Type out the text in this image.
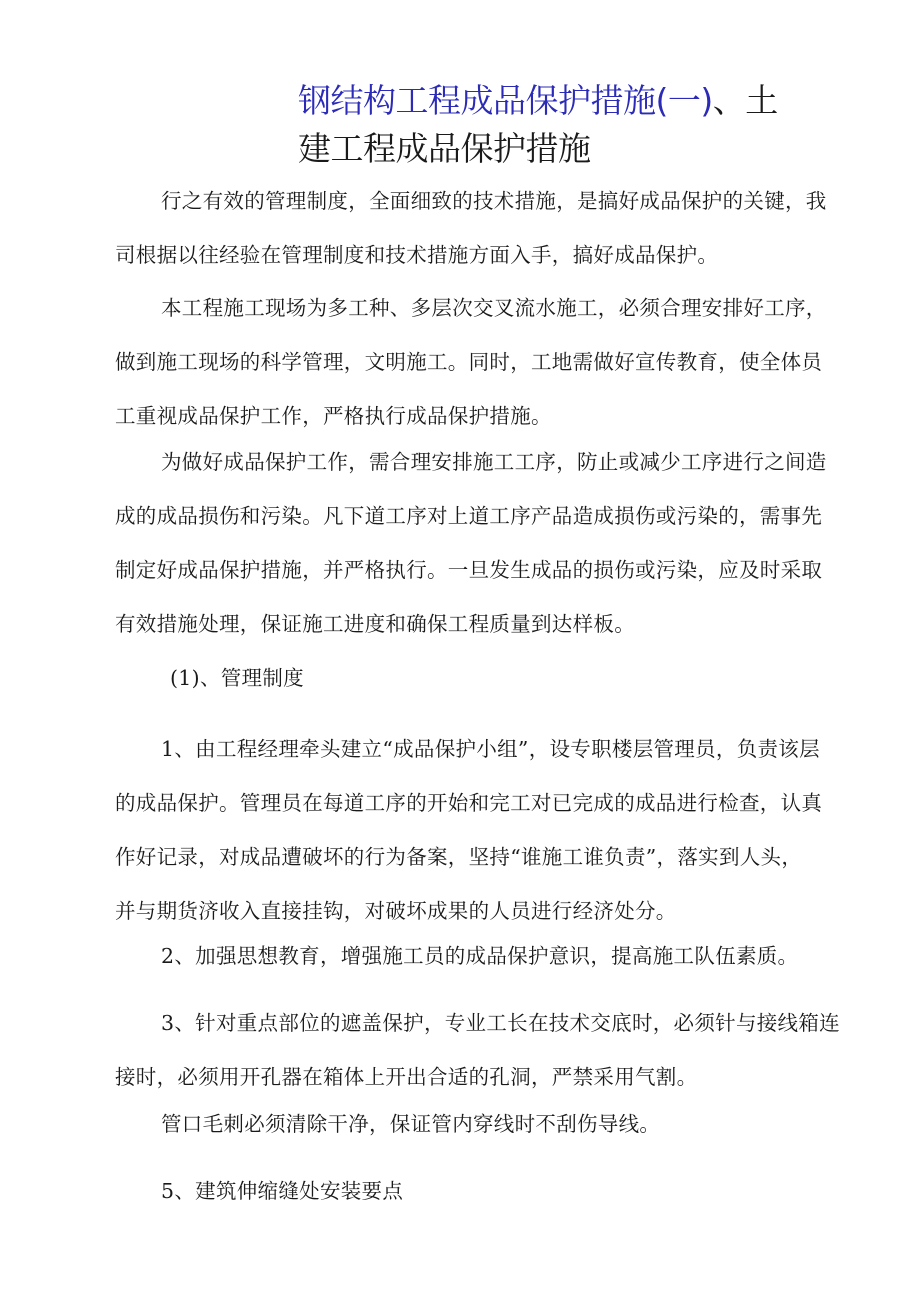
钢结构工程成品保护措施(一)、土
建工程成品保护措施
行之有效的管理制度，全面细致的技术措施，是搞好成品保护的关键，我
司根据以往经验在管理制度和技术措施方面入手，搞好成品保护。
本工程施工现场为多工种、多层次交叉流水施工，必须合理安排好工序，
做到施工现场的科学管理，文明施工。同时，工地需做好宣传教育，使全体员
工重视成品保护工作，严格执行成品保护措施。
为做好成品保护工作，需合理安排施工工序，防止或减少工序进行之间造
成的成品损伤和污染。凡下道工序对上道工序产品造成损伤或污染的，需事先
制定好成品保护措施，并严格执行。一旦发生成品的损伤或污染，应及时采取
有效措施处理，保证施工进度和确保工程质量到达样板。
(1)、管理制度
1、由工程经理牵头建立“成品保护小组”，设专职楼层管理员，负责该层
的成品保护。管理员在每道工序的开始和完工对已完成的成品进行检查，认真
作好记录，对成品遭破坏的行为备案，坚持“谁施工谁负责”，落实到人头，
并与期货济收入直接挂钩，对破坏成果的人员进行经济处分。
2、加强思想教育，增强施工员的成品保护意识，提高施工队伍素质。
3、针对重点部位的遮盖保护，专业工长在技术交底时，必须针与接线箱连
接时，必须用开孔器在箱体上开出合适的孔洞，严禁采用气割。
管口毛刺必须清除干净，保证管内穿线时不刮伤导线。
5、建筑伸缩缝处安装要点
